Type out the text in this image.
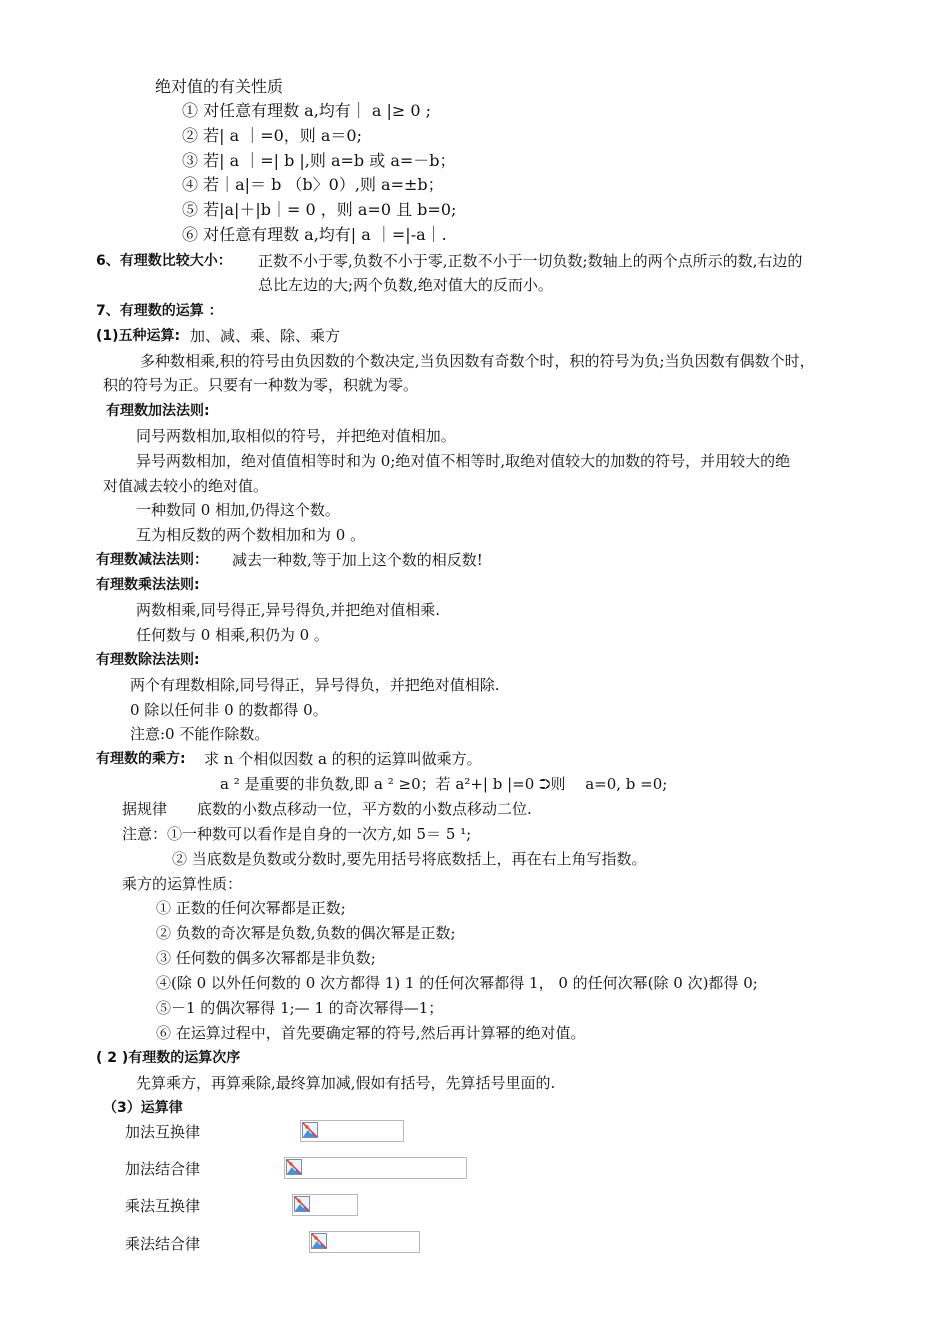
绝对值的有关性质
① 对任意有理数 a,均有｜ a |≥ 0 ;
② 若| a ｜=0，则 a＝0;
③ 若| a ｜=| b |,则 a=b 或 a=－b；
④ 若｜a|＝ b （b〉0）,则 a=±b；
⑤ 若|a|＋|b｜= 0 ，则 a=0 且 b=0;
⑥ 对任意有理数 a,均有| a ｜=|-a｜.
6、有理数比较大小： 正数不小于零,负数不小于零,正数不小于一切负数;数轴上的两个点所示的数,右边的
总比左边的大;两个负数,绝对值大的反而小。
7、有理数的运算 ：
(1)五种运算: 加、减、乘、除、乘方
多种数相乘,积的符号由负因数的个数决定,当负因数有奇数个时，积的符号为负;当负因数有偶数个时，
积的符号为正。只要有一种数为零，积就为零。
有理数加法法则:
同号两数相加,取相似的符号，并把绝对值相加。
异号两数相加，绝对值值相等时和为 0;绝对值不相等时,取绝对值较大的加数的符号，并用较大的绝
对值减去较小的绝对值。
一种数同 0 相加,仍得这个数。
互为相反数的两个数相加和为 0 。
有理数减法法则： 减去一种数,等于加上这个数的相反数!
有理数乘法法则:
两数相乘,同号得正,异号得负,并把绝对值相乘.
任何数与 0 相乘,积仍为 0 。
有理数除法法则:
两个有理数相除,同号得正，异号得负，并把绝对值相除.
0 除以任何非 0 的数都得 0。
注意:0 不能作除数。
有理数的乘方: 求 n 个相似因数 a 的积的运算叫做乘方。
a ² 是重要的非负数,即 a ² ≥0；若 a²+| b |=0 ⮊则 　a=0, b =0;
据规律　　底数的小数点移动一位，平方数的小数点移动二位.
注意：①一种数可以看作是自身的一次方,如 5＝ 5 ¹;
② 当底数是负数或分数时,要先用括号将底数括上，再在右上角写指数。
乘方的运算性质：
① 正数的任何次幂都是正数;
② 负数的奇次幂是负数,负数的偶次幂是正数;
③ 任何数的偶多次幂都是非负数;
④(除 0 以外任何数的 0 次方都得 1) 1 的任何次幂都得 1， 0 的任何次幂(除 0 次)都得 0;
⑤－1 的偶次幂得 1;— 1 的奇次幂得—1；
⑥ 在运算过程中，首先要确定幂的符号,然后再计算幂的绝对值。
( 2 )有理数的运算次序
先算乘方，再算乘除,最终算加减,假如有括号，先算括号里面的.
（3）运算律
加法互换律
加法结合律
乘法互换律
乘法结合律
